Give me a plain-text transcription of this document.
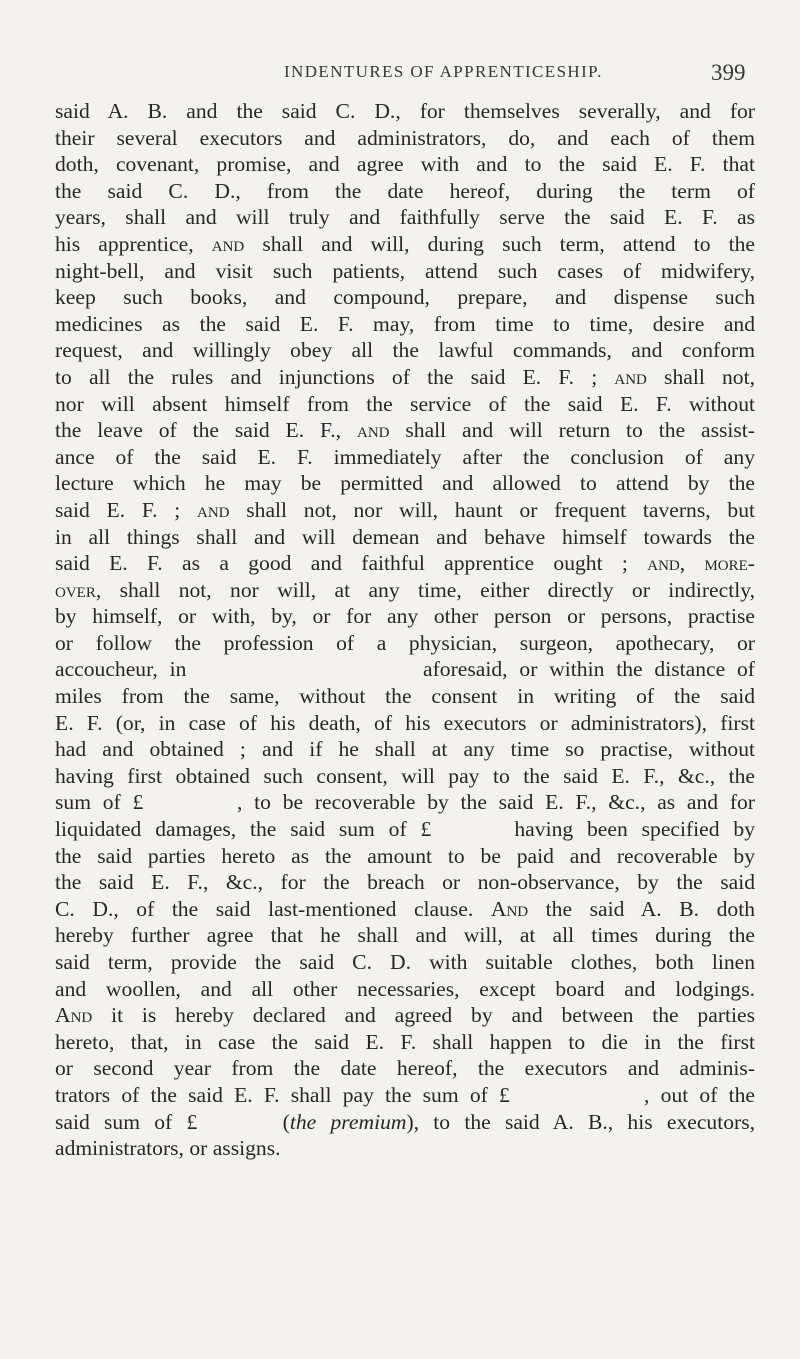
INDENTURES OF APPRENTICESHIP.	399
said A. B. and the said C. D., for themselves severally, and for
their several executors and administrators, do, and each of them
doth, covenant, promise, and agree with and to the said E. F. that
the said C. D., from the date hereof, during the term of
years, shall and will truly and faithfully serve the said E. F. as
his apprentice, and shall and will, during such term, attend to the
night-bell, and visit such patients, attend such cases of midwifery,
keep such books, and compound, prepare, and dispense such
medicines as the said E. F. may, from time to time, desire and
request, and willingly obey all the lawful commands, and conform
to all the rules and injunctions of the said E. F. ; and shall not,
nor will absent himself from the service of the said E. F. without
the leave of the said E. F., and shall and will return to the assist-
ance of the said E. F. immediately after the conclusion of any
lecture which he may be permitted and allowed to attend by the
said E. F. ; and shall not, nor will, haunt or frequent taverns, but
in all things shall and will demean and behave himself towards the
said E. F. as a good and faithful apprentice ought ; and, more-
over, shall not, nor will, at any time, either directly or indirectly,
by himself, or with, by, or for any other person or persons, practise
or follow the profession of a physician, surgeon, apothecary, or
accoucheur, in                    aforesaid, or within the distance of
miles from the same, without the consent in writing of the said
E. F. (or, in case of his death, of his executors or administrators), first
had and obtained ; and if he shall at any time so practise, without
having first obtained such consent, will pay to the said E. F., &c., the
sum of £        , to be recoverable by the said E. F., &c., as and for
liquidated damages, the said sum of £      having been specified by
the said parties hereto as the amount to be paid and recoverable by
the said E. F., &c., for the breach or non-observance, by the said
C. D., of the said last-mentioned clause. And the said A. B. doth
hereby further agree that he shall and will, at all times during the
said term, provide the said C. D. with suitable clothes, both linen
and woollen, and all other necessaries, except board and lodgings.
And it is hereby declared and agreed by and between the parties
hereto, that, in case the said E. F. shall happen to die in the first
or second year from the date hereof, the executors and adminis-
trators of the said E. F. shall pay the sum of £            , out of the
said sum of £      (the premium), to the said A. B., his executors,
administrators, or assigns.
